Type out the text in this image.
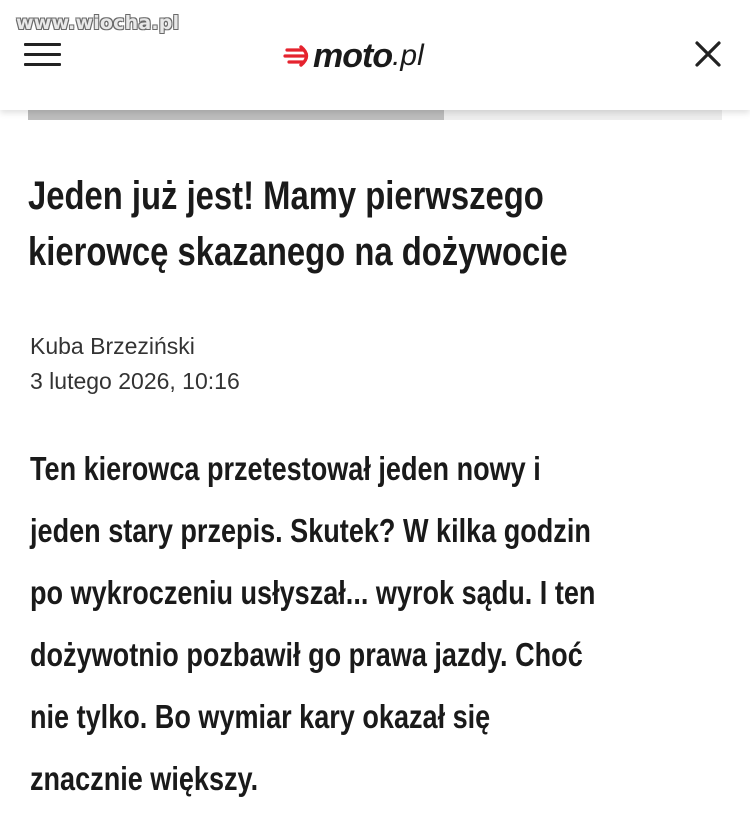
www.wiocha.pl
moto .pl
Jeden już jest! Mamy pierwszego
kierowcę skazanego na dożywocie
Kuba Brzeziński
3 lutego 2026, 10:16

Ten kierowca przetestował jeden nowy i
jeden stary przepis. Skutek? W kilka godzin
po wykroczeniu usłyszał... wyrok sądu. I ten
dożywotnio pozbawił go prawa jazdy. Choć
nie tylko. Bo wymiar kary okazał się
znacznie większy.
